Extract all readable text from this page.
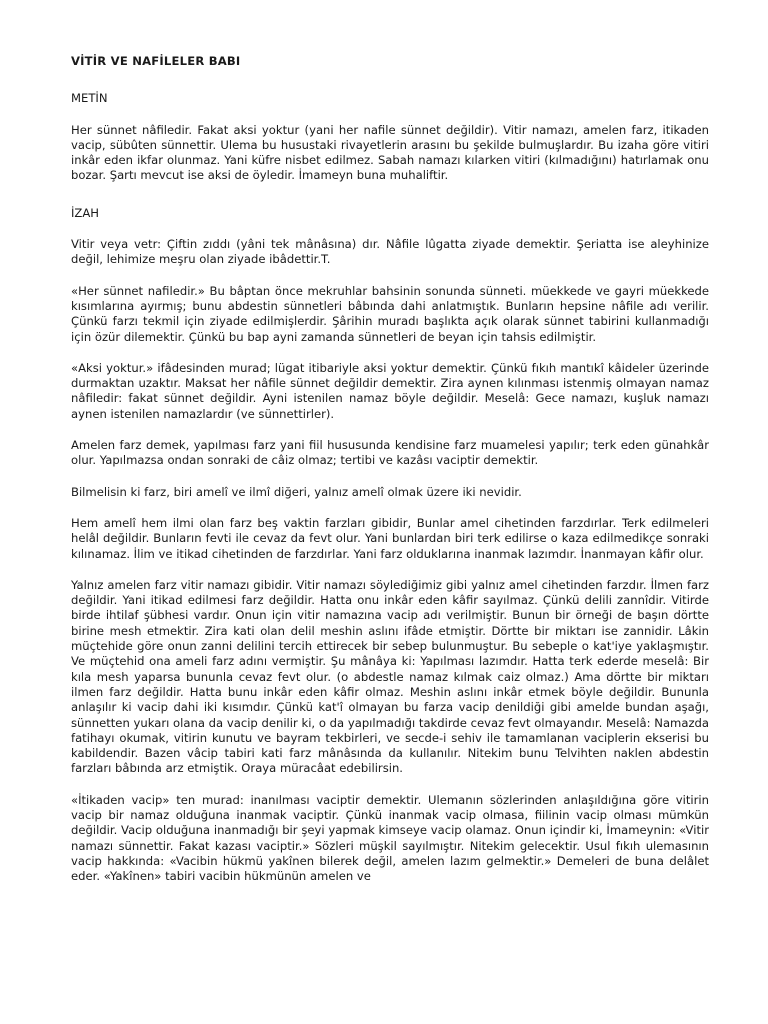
VİTİR VE NAFİLELER BABI
METİN
Her sünnet nâfiledir. Fakat aksi yoktur (yani her nafile sünnet değildir). Vitir namazı, amelen farz, itikaden vacip, sübûten sünnettir. Ulema bu husustaki rivayetlerin arasını bu şekilde bulmuşlardır. Bu izaha göre vitiri inkâr eden ikfar olunmaz. Yani küfre nisbet edilmez. Sabah namazı kılarken vitiri (kılmadığını) hatırlamak onu bozar. Şartı mevcut ise aksi de öyledir. İmameyn buna muhaliftir.
İZAH
Vitir veya vetr: Çiftin zıddı (yâni tek mânâsına) dır. Nâfile lûgatta ziyade demektir. Şeriatta ise aleyhinize değil, lehimize meşru olan ziyade ibâdettir.T.
«Her sünnet nafiledir.» Bu bâptan önce mekruhlar bahsinin sonunda sünneti. müekkede ve gayri müekkede kısımlarına ayırmış; bunu abdestin sünnetleri bâbında dahi anlatmıştık. Bunların hepsine nâfile adı verilir. Çünkü farzı tekmil için ziyade edilmişlerdir. Şârihin muradı başlıkta açık olarak sünnet tabirini kullanmadığı için özür dilemektir. Çünkü bu bap ayni zamanda sünnetleri de beyan için tahsis edilmiştir.
«Aksi yoktur.» ifâdesinden murad; lügat itibariyle aksi yoktur demektir. Çünkü fıkıh mantıkî kâideler üzerinde durmaktan uzaktır. Maksat her nâfile sünnet değildir demektir. Zira aynen kılınması istenmiş olmayan namaz nâfiledir: fakat sünnet değildir. Ayni istenilen namaz böyle değildir. Meselâ: Gece namazı, kuşluk namazı aynen istenilen namazlardır (ve sünnettirler).
Amelen farz demek, yapılması farz yani fiil hususunda kendisine farz muamelesi yapılır; terk eden günahkâr olur. Yapılmazsa ondan sonraki de câiz olmaz; tertibi ve kazâsı vaciptir demektir.
Bilmelisin ki farz, biri amelî ve ilmî diğeri, yalnız amelî olmak üzere iki nevidir.
Hem amelî hem ilmi olan farz beş vaktin farzları gibidir, Bunlar amel cihetinden farzdırlar. Terk edilmeleri helâl değildir. Bunların fevti ile cevaz da fevt olur. Yani bunlardan biri terk edilirse o kaza edilmedikçe sonraki kılınamaz. İlim ve itikad cihetinden de farzdırlar. Yani farz olduklarına inanmak lazımdır. İnanmayan kâfir olur.
Yalnız amelen farz vitir namazı gibidir. Vitir namazı söylediğimiz gibi yalnız amel cihetinden farzdır. İlmen farz değildir. Yani itikad edilmesi farz değildir. Hatta onu inkâr eden kâfir sayılmaz. Çünkü delili zannîdir. Vitirde birde ihtilaf şübhesi vardır. Onun için vitir namazına vacip adı verilmiştir. Bunun bir örneği de başın dörtte birine mesh etmektir. Zira kati olan delil meshin aslını ifâde etmiştir. Dörtte bir miktarı ise zannidir. Lâkin müçtehide göre onun zanni delilini tercih ettirecek bir sebep bulunmuştur. Bu sebeple o kat'iye yaklaşmıştır. Ve müçtehid ona ameli farz adını vermiştir. Şu mânâya ki: Yapılması lazımdır. Hatta terk ederde meselâ: Bir kıla mesh yaparsa bununla cevaz fevt olur. (o abdestle namaz kılmak caiz olmaz.) Ama dörtte bir miktarı ilmen farz değildir. Hatta bunu inkâr eden kâfir olmaz. Meshin aslını inkâr etmek böyle değildir. Bununla anlaşılır ki vacip dahi iki kısımdır. Çünkü kat'î olmayan bu farzа vacip denildiği gibi amelde bundan aşağı, sünnetten yukarı olana da vacip denilir ki, o da yapılmadığı takdirde cevaz fevt olmayandır. Meselâ: Namazda fatihayı okumak, vitirin kunutu ve bayram tekbirleri, ve secde-i sehiv ile tamamlanan vaciplerin ekserisi bu kabildendir. Bazen vâcip tabiri kati farz mânâsında da kullanılır. Nitekim bunu Telvihten naklen abdestin farzları bâbında arz etmiştik. Oraya müracâat edebilirsin.
«İtikaden vacip» ten murad: inanılması vaciptir demektir. Ulemanın sözlerinden anlaşıldığına göre vitirin vacip bir namaz olduğuna inanmak vaciptir. Çünkü inanmak vacip olmasa, fiilinin vacip olması mümkün değildir. Vacip olduğuna inanmadığı bir şeyi yapmak kimseye vacip olamaz. Onun içindir ki, İmameynin: «Vitir namazı sünnettir. Fakat kazası vaciptir.» Sözleri müşkil sayılmıştır. Nitekim gelecektir. Usul fıkıh ulemasının vacip hakkında: «Vacibin hükmü yakînen bilerek değil, amelen lazım gelmektir.» Demeleri de buna delâlet eder. «Yakînen» tabiri vacibin hükmünün amelen ve
